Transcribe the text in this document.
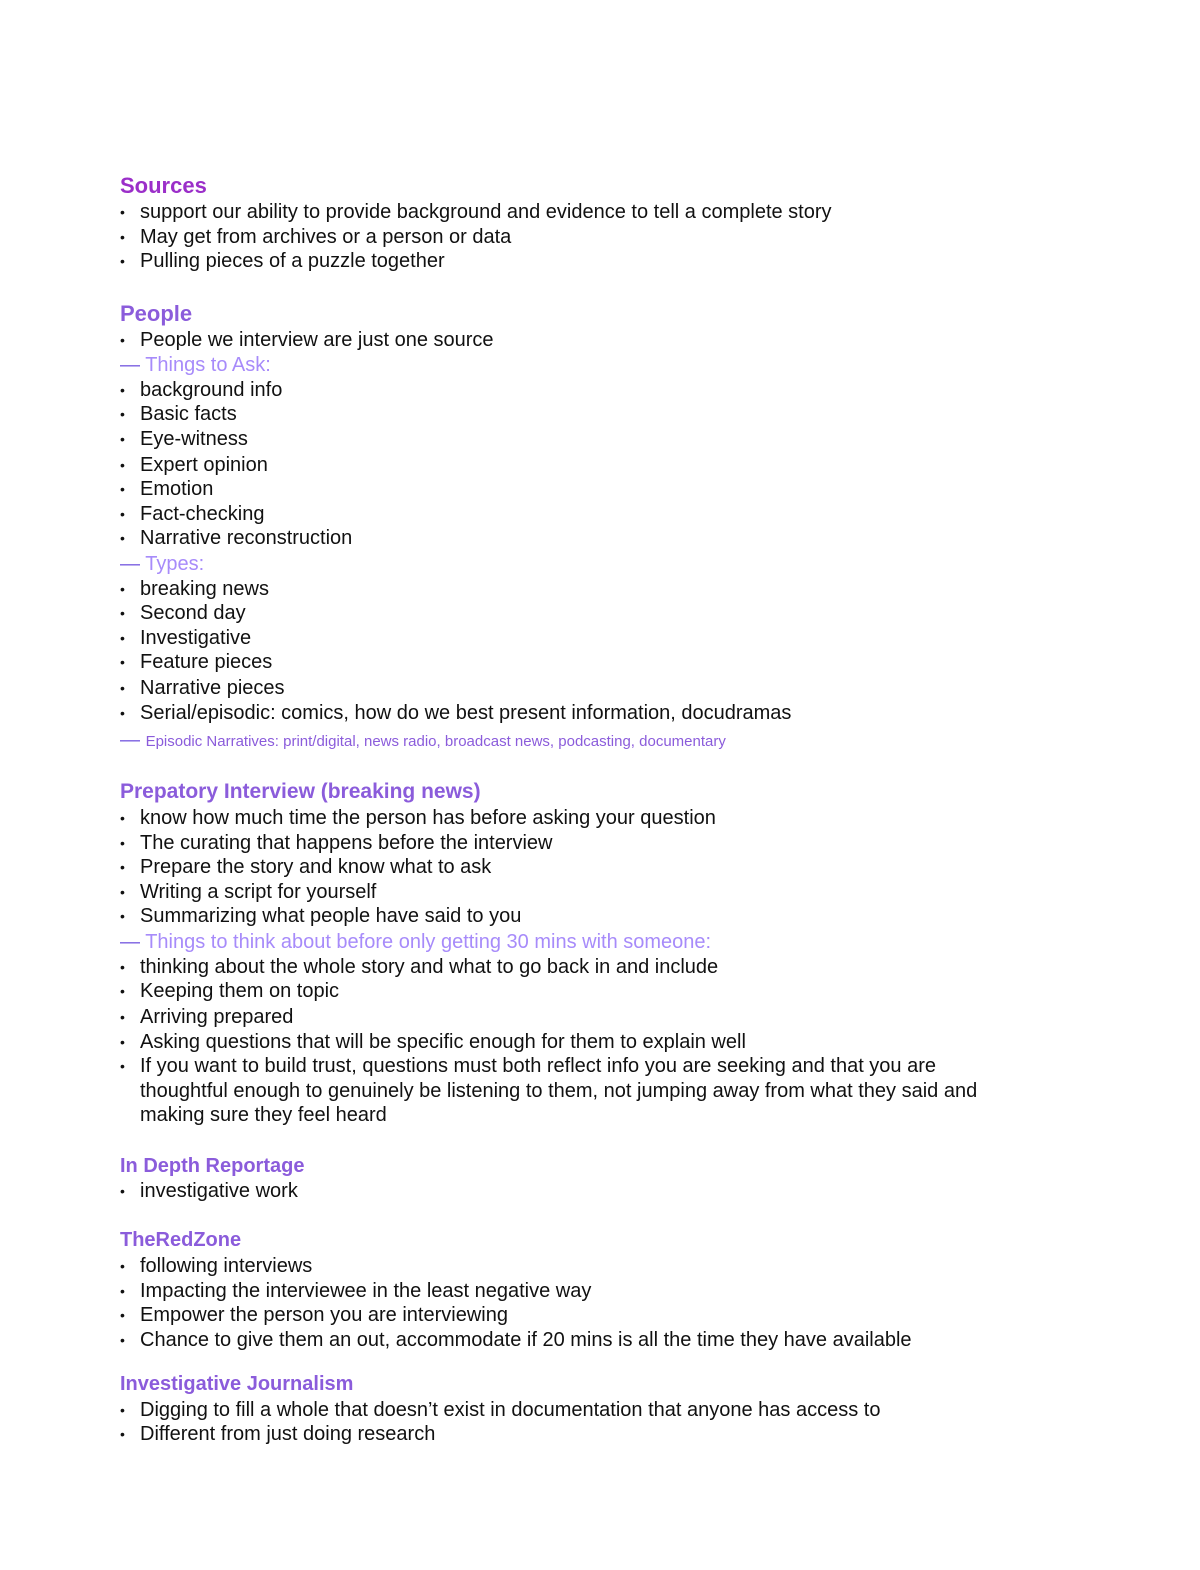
Sources
• support our ability to provide background and evidence to tell a complete story
• May get from archives or a person or data
• Pulling pieces of a puzzle together
People
• People we interview are just one source
— Things to Ask:
• background info
• Basic facts
• Eye-witness
• Expert opinion
• Emotion
• Fact-checking
• Narrative reconstruction
— Types:
• breaking news
• Second day
• Investigative
• Feature pieces
• Narrative pieces
• Serial/episodic: comics, how do we best present information, docudramas
— Episodic Narratives: print/digital, news radio, broadcast news, podcasting, documentary
Prepatory Interview (breaking news)
• know how much time the person has before asking your question
• The curating that happens before the interview
• Prepare the story and know what to ask
• Writing a script for yourself
• Summarizing what people have said to you
— Things to think about before only getting 30 mins with someone:
• thinking about the whole story and what to go back in and include
• Keeping them on topic
• Arriving prepared
• Asking questions that will be specific enough for them to explain well
• If you want to build trust, questions must both reflect info you are seeking and that you are
thoughtful enough to genuinely be listening to them, not jumping away from what they said and
making sure they feel heard
In Depth Reportage
• investigative work
TheRedZone
• following interviews
• Impacting the interviewee in the least negative way
• Empower the person you are interviewing
• Chance to give them an out, accommodate if 20 mins is all the time they have available
Investigative Journalism
• Digging to fill a whole that doesn’t exist in documentation that anyone has access to
• Different from just doing research
